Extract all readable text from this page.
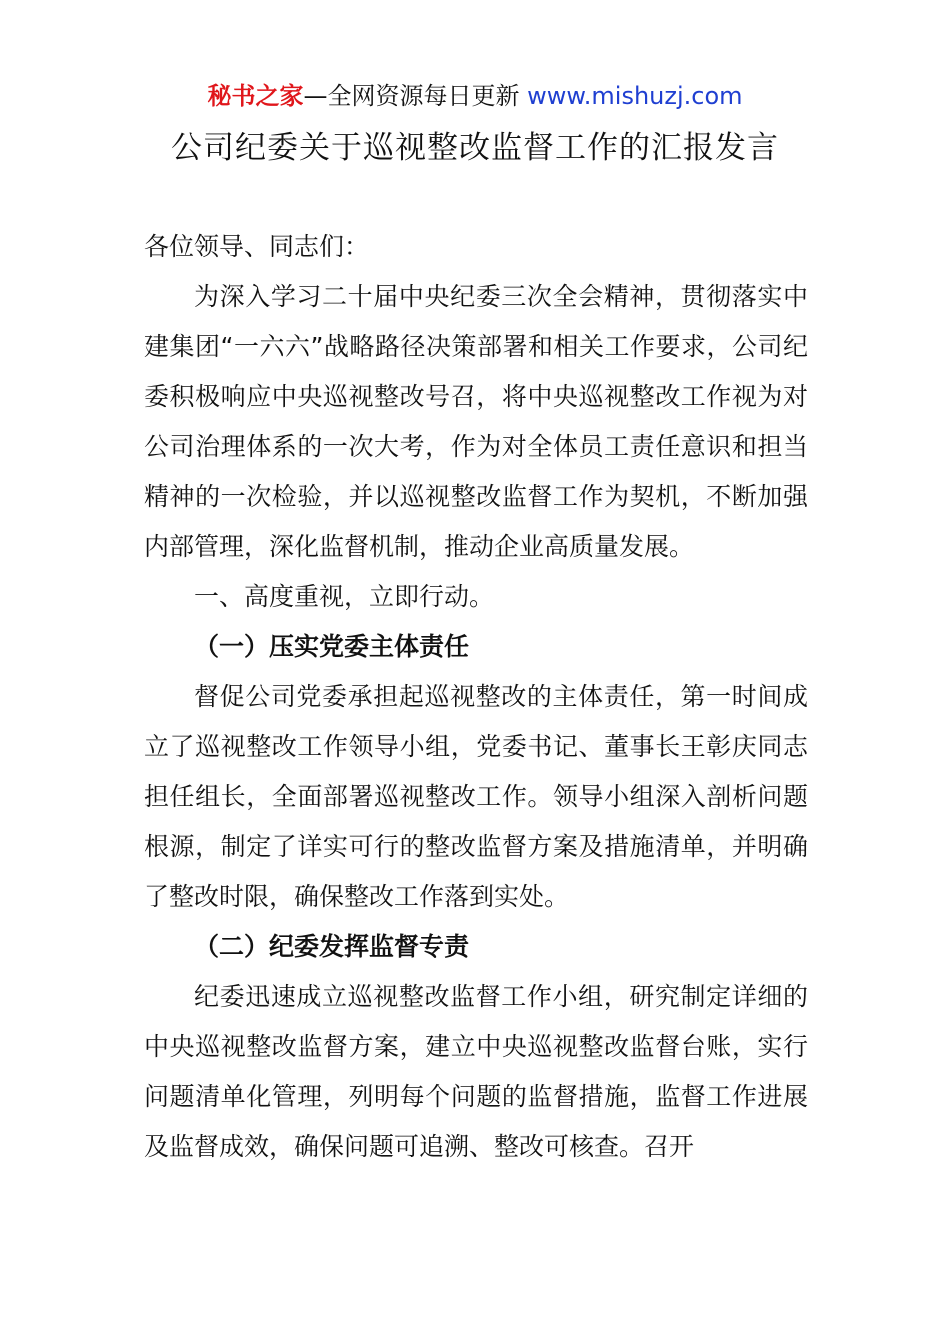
秘书之家—全网资源每日更新 www.mishuzj.com
公司纪委关于巡视整改监督工作的汇报发言

各位领导、同志们：

为深入学习二十届中央纪委三次全会精神，贯彻落实中建集团“一六六”战略路径决策部署和相关工作要求，公司纪委积极响应中央巡视整改号召，将中央巡视整改工作视为对公司治理体系的一次大考，作为对全体员工责任意识和担当精神的一次检验，并以巡视整改监督工作为契机，不断加强内部管理，深化监督机制，推动企业高质量发展。

一、高度重视，立即行动。

（一）压实党委主体责任

督促公司党委承担起巡视整改的主体责任，第一时间成立了巡视整改工作领导小组，党委书记、董事长王彰庆同志担任组长，全面部署巡视整改工作。领导小组深入剖析问题根源，制定了详实可行的整改监督方案及措施清单，并明确了整改时限，确保整改工作落到实处。

（二）纪委发挥监督专责

纪委迅速成立巡视整改监督工作小组，研究制定详细的中央巡视整改监督方案，建立中央巡视整改监督台账，实行问题清单化管理，列明每个问题的监督措施，监督工作进展及监督成效，确保问题可追溯、整改可核查。召开
